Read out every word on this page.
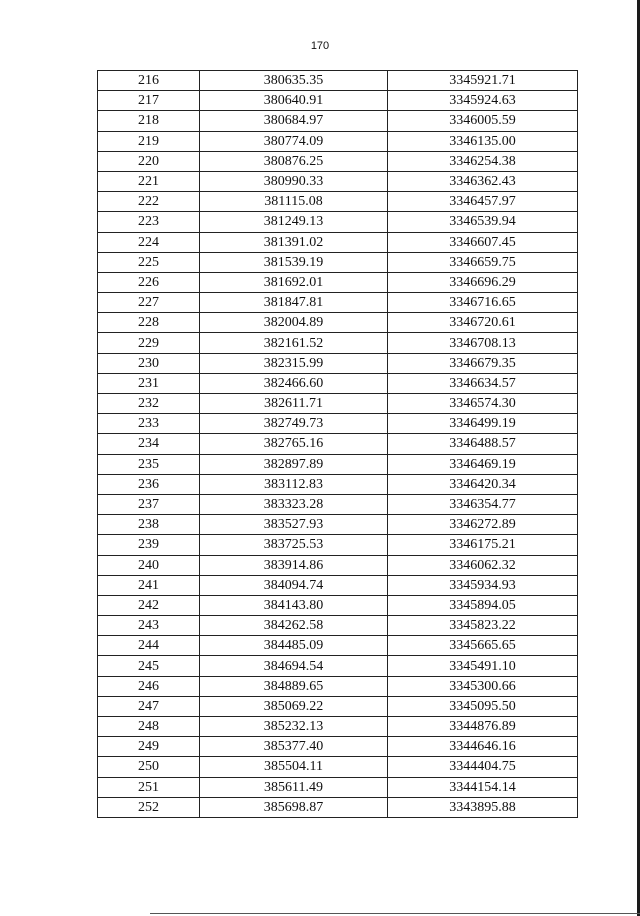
170
216	380635.35	3345921.71
217	380640.91	3345924.63
218	380684.97	3346005.59
219	380774.09	3346135.00
220	380876.25	3346254.38
221	380990.33	3346362.43
222	381115.08	3346457.97
223	381249.13	3346539.94
224	381391.02	3346607.45
225	381539.19	3346659.75
226	381692.01	3346696.29
227	381847.81	3346716.65
228	382004.89	3346720.61
229	382161.52	3346708.13
230	382315.99	3346679.35
231	382466.60	3346634.57
232	382611.71	3346574.30
233	382749.73	3346499.19
234	382765.16	3346488.57
235	382897.89	3346469.19
236	383112.83	3346420.34
237	383323.28	3346354.77
238	383527.93	3346272.89
239	383725.53	3346175.21
240	383914.86	3346062.32
241	384094.74	3345934.93
242	384143.80	3345894.05
243	384262.58	3345823.22
244	384485.09	3345665.65
245	384694.54	3345491.10
246	384889.65	3345300.66
247	385069.22	3345095.50
248	385232.13	3344876.89
249	385377.40	3344646.16
250	385504.11	3344404.75
251	385611.49	3344154.14
252	385698.87	3343895.88
